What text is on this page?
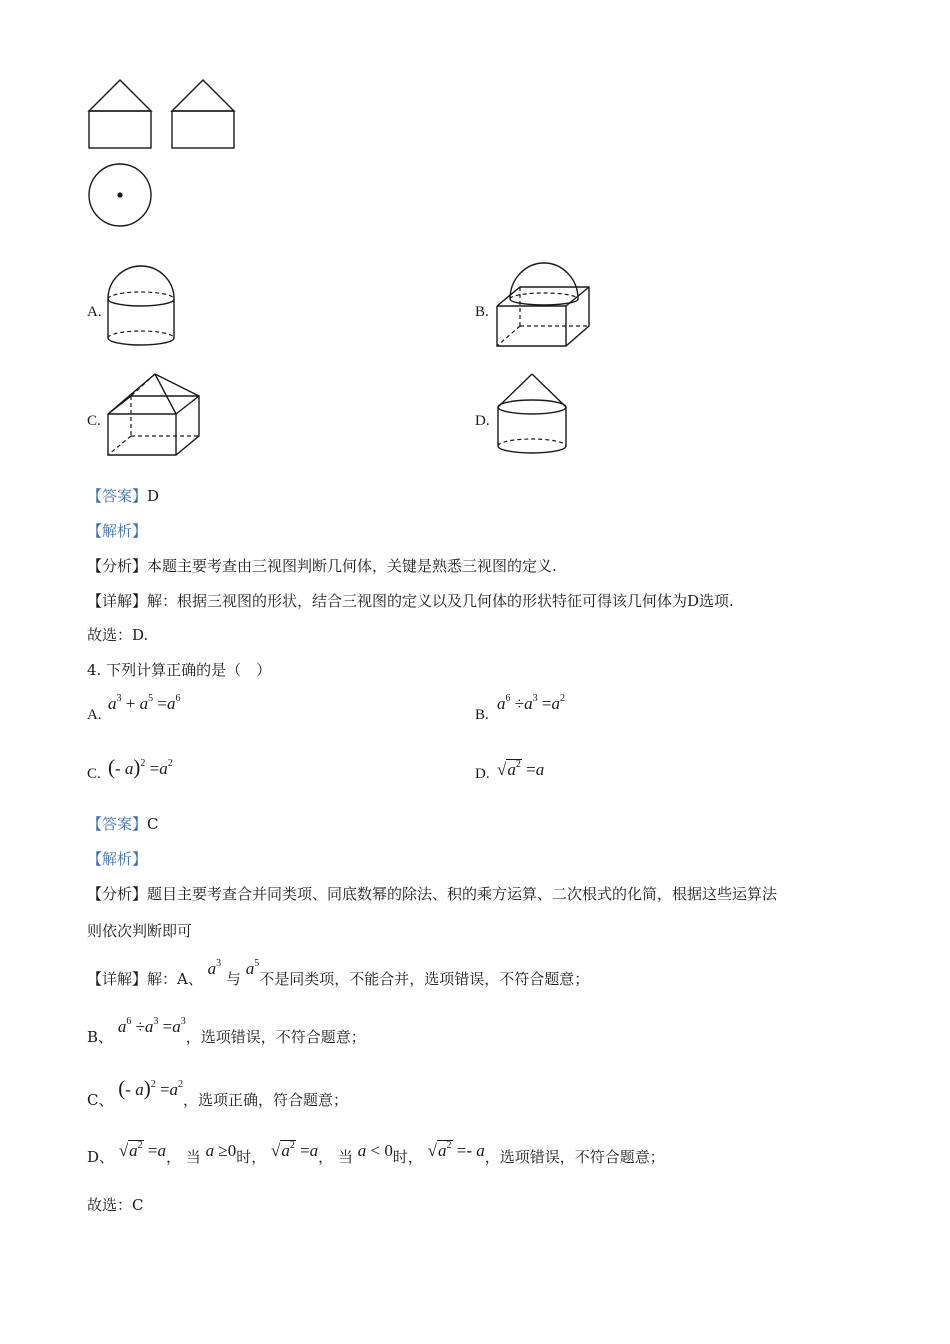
A.	B.
C.	D.
【答案】D
【解析】
【分析】本题主要考查由三视图判断几何体，关键是熟悉三视图的定义.
【详解】解：根据三视图的形状，结合三视图的定义以及几何体的形状特征可得该几何体为D选项.
故选：D.
4. 下列计算正确的是（　）
A.
$a^3 + a^5 =a^6$
B.
$a^6 \div a^3 =a^2$
C. (- $a)^2 =a^2$
D. $√a^2 =a$
【答案】C
【解析】
【分析】题目主要考查合并同类项、同底数幂的除法、积的乘方运算、二次根式的化简，根据这些运算法
则依次判断即可
【详解】解：A、 $a^3$ 与 $a^5$不是同类项，不能合并，选项错误，不符合题意；
B、 $a^6 \div a^3 =a^3$，选项错误，不符合题意；
C、 (- $a)^2 =a^2$，选项正确，符合题意；
D、 $√a^2 =a$， 当 a ≥0时， $√a^2 =a$， 当 a < 0时， $√a^2 =- a$，选项错误，不符合题意；
故选：C
